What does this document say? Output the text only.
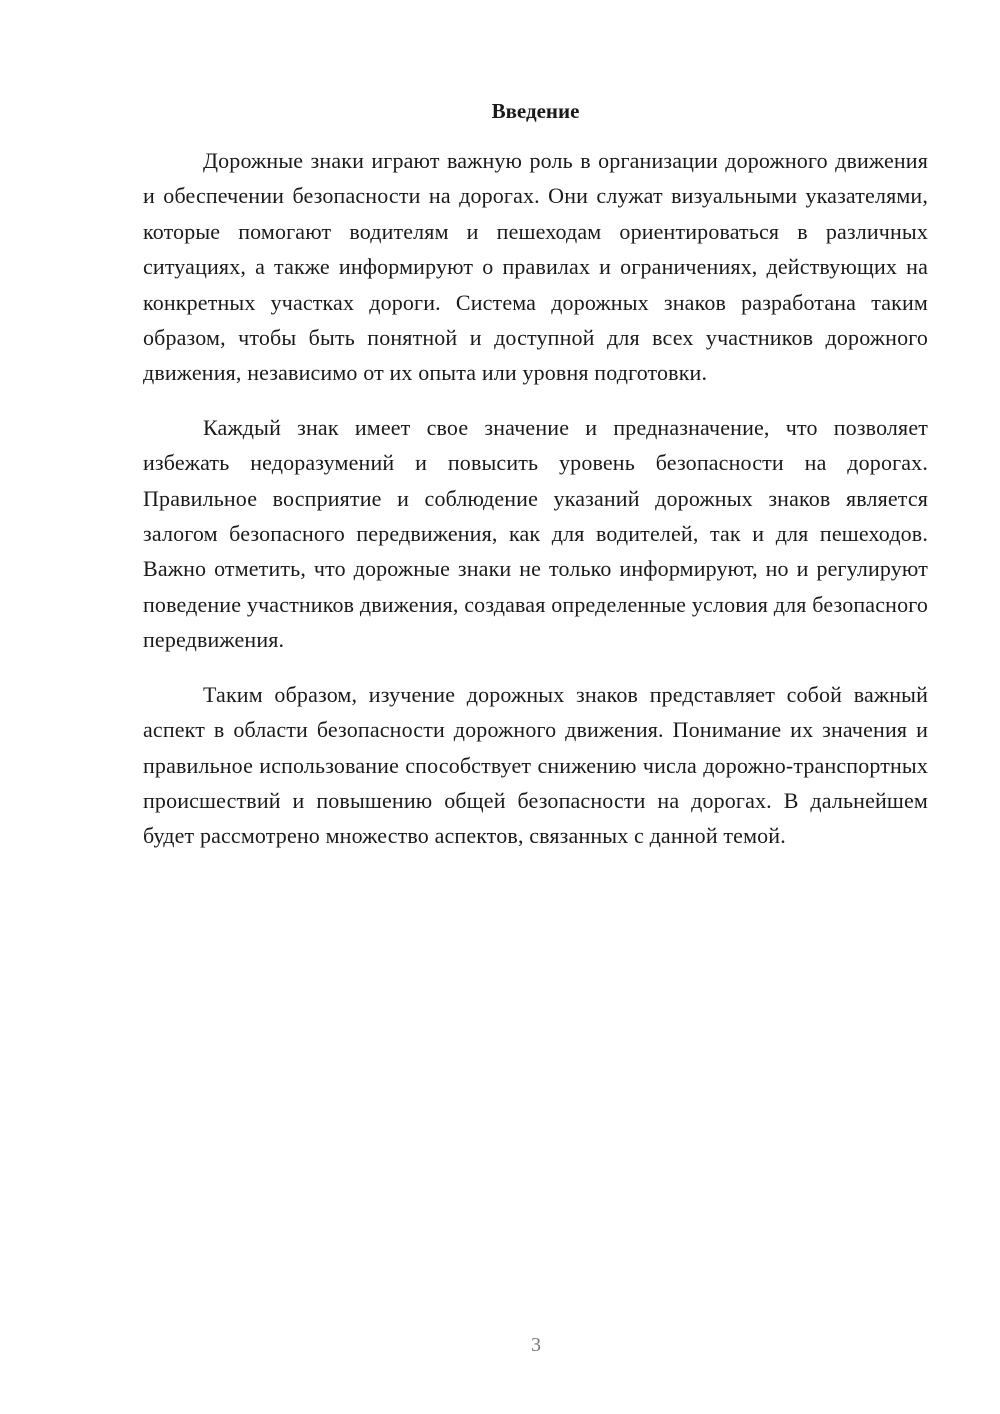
Введение

Дорожные знаки играют важную роль в организации дорожного движения и обеспечении безопасности на дорогах. Они служат визуальными указателями, которые помогают водителям и пешеходам ориентироваться в различных ситуациях, а также информируют о правилах и ограничениях, действующих на конкретных участках дороги. Система дорожных знаков разработана таким образом, чтобы быть понятной и доступной для всех участников дорожного движения, независимо от их опыта или уровня подготовки.

Каждый знак имеет свое значение и предназначение, что позволяет избежать недоразумений и повысить уровень безопасности на дорогах. Правильное восприятие и соблюдение указаний дорожных знаков является залогом безопасного передвижения, как для водителей, так и для пешеходов. Важно отметить, что дорожные знаки не только информируют, но и регулируют поведение участников движения, создавая определенные условия для безопасного передвижения.

Таким образом, изучение дорожных знаков представляет собой важный аспект в области безопасности дорожного движения. Понимание их значения и правильное использование способствует снижению числа дорожно-транспортных происшествий и повышению общей безопасности на дорогах. В дальнейшем будет рассмотрено множество аспектов, связанных с данной темой.

3
